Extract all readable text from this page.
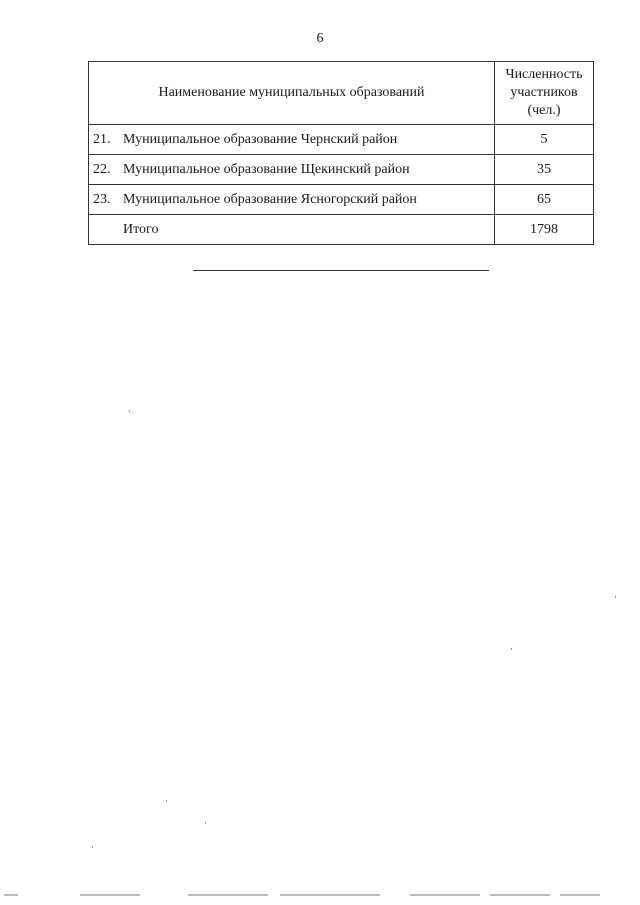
6
Наименование муниципальных образований	Численность
участников
(чел.)

21. Муниципальное образование Чернский район	5
22. Муниципальное образование Щекинский район	35
23. Муниципальное образование Ясногорский район	65
Итого	1798
